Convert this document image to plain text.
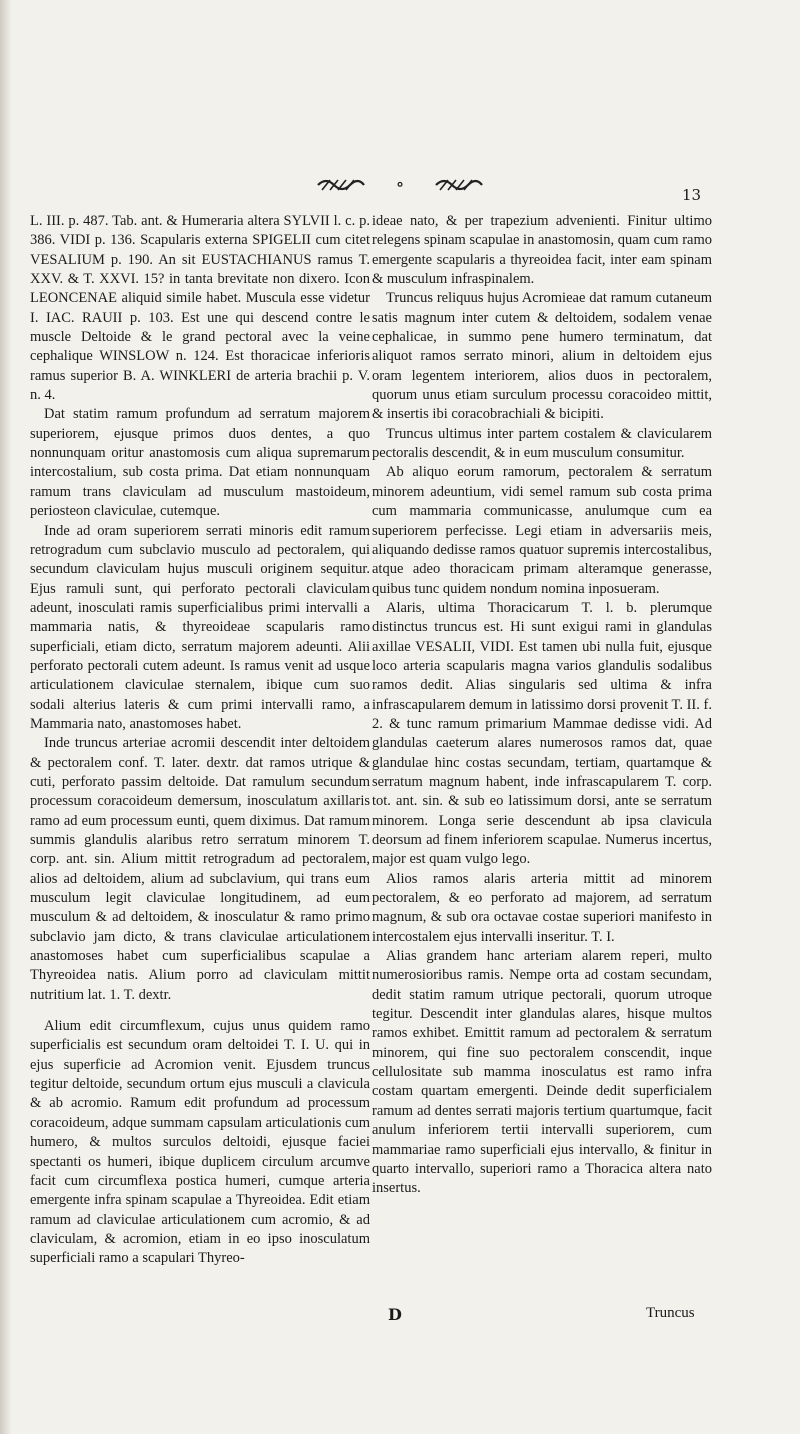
∘	13

L. III. p. 487. Tab. ant. & Humeraria altera SYLVII l. c. p. 386. VIDI p. 136. Scapularis externa SPIGELII cum citet VESALIUM p. 190. An sit EUSTACHIANUS ramus T. XXV. & T. XXVI. 15? in tanta brevitate non dixero. Icon LEONCENAE aliquid simile habet. Musculа esse videtur I. IAC. RAUII p. 103. Est une qui descend contre le muscle Deltoide & le grand pectoral avec la veine cephalique WINSLOW n. 124. Est thoracicae inferioris ramus superior B. A. WINKLERI de arteria brachii p. V. n. 4.

Dat statim ramum profundum ad serratum majorem superiorem, ejusque primos duos dentes, a quo nonnunquam oritur anastomosis cum aliqua supremarum intercostalium, sub costa prima. Dat etiam nonnunquam ramum trans claviculam ad musculum mastoideum, periosteon claviculae, cutemque.

Inde ad oram superiorem serrati minoris edit ramum retrogradum cum subclavio musculo ad pectoralem, qui secundum claviculam hujus musculi originem sequitur. Ejus ramuli sunt, qui perforato pectorali claviculam adeunt, inosculati ramis superficialibus primi intervalli a mammaria natis, & thyreoideae scapularis ramo superficiali, etiam dicto, serratum majorem adeunti. Alii perforato pectorali cutem adeunt. Is ramus venit ad usque articulationem claviculae sternalem, ibique cum suo sodali alterius lateris & cum primi intervalli ramo, a Mammaria nato, anastomoses habet.

Inde truncus arteriae acromii descendit inter deltoidem & pectoralem conf. T. later. dextr. dat ramos utrique & cuti, perforato passim deltoide. Dat ramulum secundum processum coracoideum demersum, inosculatum axillaris ramo ad eum processum eunti, quem diximus. Dat ramum summis glandulis alaribus retro serratum minorem T. corp. ant. sin. Alium mittit retrogradum ad pectoralem, alios ad deltoidem, alium ad subclavium, qui trans eum musculum legit claviculae longitudinem, ad eum musculum & ad deltoidem, & inosculatur & ramo primo subclavio jam dicto, & trans claviculae articulationem anastomoses habet cum superficialibus scapulae a Thyreoidea natis. Alium porro ad claviculam mittit nutritium lat. 1. T. dextr.

Alium edit circumflexum, cujus unus quidem ramo superficialis est secundum oram deltoidei T. I. U. qui in ejus superficie ad Acromion venit. Ejusdem truncus tegitur deltoide, secundum ortum ejus musculi a clavicula & ab acromio. Ramum edit profundum ad processum coracoideum, adque summam capsulam articulationis cum humero, & multos surculos deltoidi, ejusque faciei spectanti os humeri, ibique duplicem circulum arcumve facit cum circumflexa postica humeri, cumque arteria emergente infra spinam scapulae a Thyreoidea. Edit etiam ramum ad claviculae articulationem cum acromio, & ad claviculam, & acromion, etiam in eo ipso inosculatum superficiali ramo a scapulari Thyreo-

ideae nato, & per trapezium advenienti. Finitur ultimo relegens spinam scapulae in anastomosin, quam cum ramo emergente scapularis a thyreoidea facit, inter eam spinam & musculum infraspinalem.

Truncus reliquus hujus Acromieae dat ramum cutaneum satis magnum inter cutem & deltoidem, sodalem venae cephalicae, in summo pene humero terminatum, dat aliquot ramos serrato minori, alium in deltoidem ejus oram legentem interiorem, alios duos in pectoralem, quorum unus etiam surculum processu coracoideo mittit, & insertis ibi coracobrachiali & bicipiti.

Truncus ultimus inter partem costalem & clavicularem pectoralis descendit, & in eum musculum consumitur.

Ab aliquo eorum ramorum, pectoralem & serratum minorem adeuntium, vidi semel ramum sub costa prima cum mammaria communicasse, anulumque cum ea superiorem perfecisse. Legi etiam in adversariis meis, aliquando dedisse ramos quatuor supremis intercostalibus, atque adeo thoracicam primam alteramque generasse, quibus tunc quidem nondum nomina inposueram.

Alaris, ultima Thoracicarum T. l. b. plerumque distinctus truncus est. Hi sunt exigui rami in glandulas axillae VESALII, VIDI. Est tamen ubi nulla fuit, ejusque loco arteria scapularis magna varios glandulis sodalibus ramos dedit. Alias singularis sed ultima & infra infrascapularem demum in latissimo dorsi provenit T. II. f. 2. & tunc ramum primarium Mammae dedisse vidi. Ad glandulas caeterum alares numerosos ramos dat, quae glandulae hinc costas secundam, tertiam, quartamque & serratum magnum habent, inde infrascapularem T. corp. tot. ant. sin. & sub eo latissimum dorsi, ante se serratum minorem. Longa serie descendunt ab ipsa clavicula deorsum ad finem inferiorem scapulae. Numerus incertus, major est quam vulgo lego.

Alios ramos alaris arteria mittit ad minorem pectoralem, & eo perforato ad majorem, ad serratum magnum, & sub ora octavae costae superiori manifesto in intercostalem ejus intervalli inseritur. T. I.

Alias grandem hanc arteriam alarem reperi, multo numerosioribus ramis. Nempe orta ad costam secundam, dedit statim ramum utrique pectorali, quorum utroque tegitur. Descendit inter glandulas alares, hisque multos ramos exhibet. Emittit ramum ad pectoralem & serratum minorem, qui fine suo pectoralem conscendit, inque cellulositate sub mamma inosculatus est ramo infra costam quartam emergenti. Deinde dedit superficialem ramum ad dentes serrati majoris tertium quartumque, facit anulum inferiorem tertii intervalli superiorem, cum mammariae ramo superficiali ejus intervallo, & finitur in quarto intervallo, superiori ramo a Thoracica altera nato insertus.

D	Truncus
